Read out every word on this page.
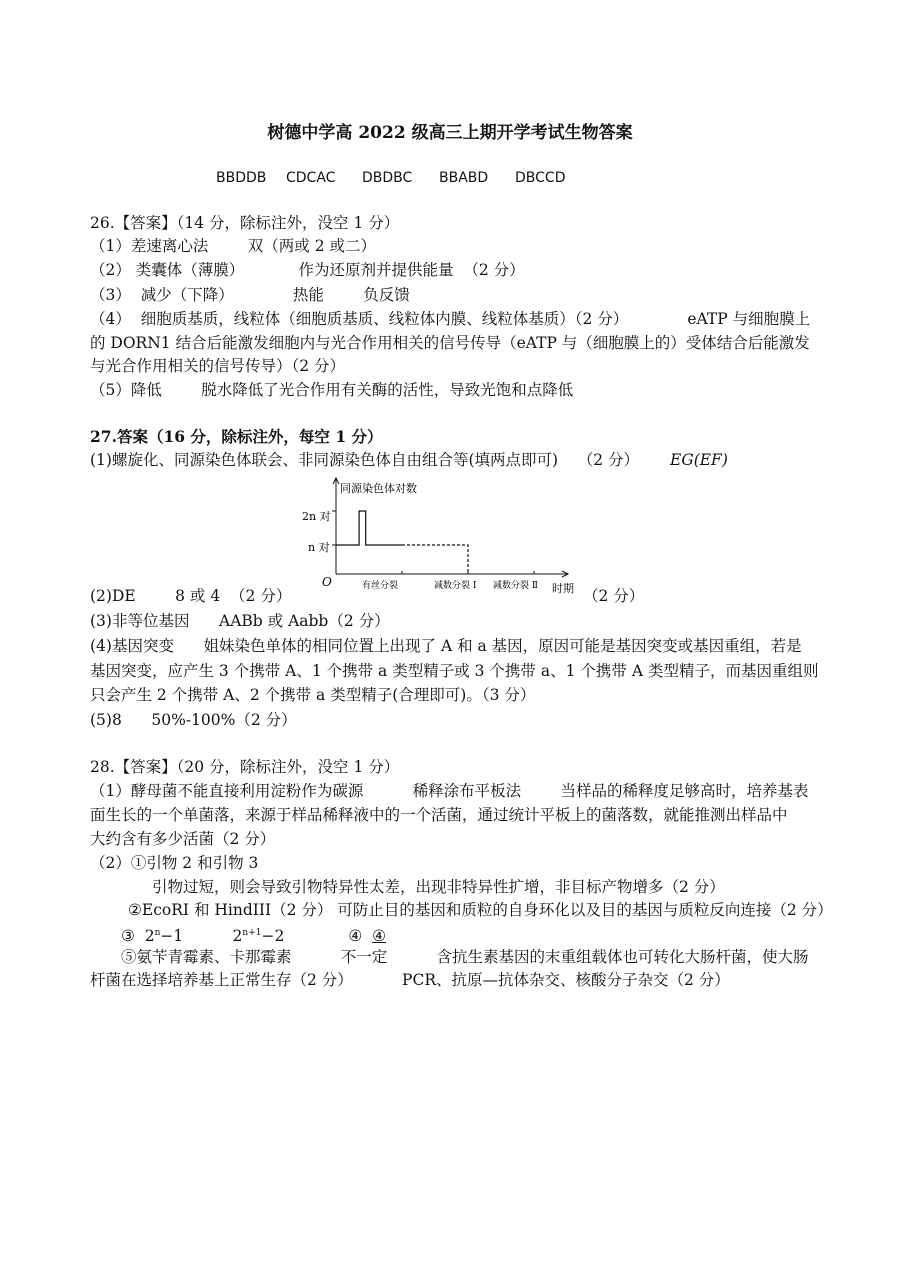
树德中学高 2022 级高三上期开学考试生物答案
BBDDB CDCAC DBDBC BBABD DBCCD
26.【答案】（14 分，除标注外，没空 1 分）
（1）差速离心法        双（两或 2 或二）
（2） 类囊体（薄膜）           作为还原剂并提供能量  （2 分）
（3）  减少（下降）            热能        负反馈
（4）  细胞质基质，线粒体（细胞质基质、线粒体内膜、线粒体基质）（2 分）            eATP 与细胞膜上
的 DORN1 结合后能激发细胞内与光合作用相关的信号传导（eATP 与（细胞膜上的）受体结合后能激发
与光合作用相关的信号传导）（2 分）
（5）降低        脱水降低了光合作用有关酶的活性，导致光饱和点降低
27.答案（16 分，除标注外，每空 1 分）
(1)螺旋化、同源染色体联会、非同源染色体自由组合等(填两点即可)    （2 分） EG(EF)
同源染色体对数
2n 对
n 对
O	有丝分裂	减数分裂 Ⅰ 减数分裂 Ⅱ 时期
(2)DE        8 或 4  （2 分）	（2 分）
(3)非等位基因      AABb 或 Aabb（2 分）
(4)基因突变      姐妹染色单体的相同位置上出现了 A 和 a 基因，原因可能是基因突变或基因重组，若是
基因突变，应产生 3 个携带 A、1 个携带 a 类型精子或 3 个携带 a、1 个携带 A 类型精子，而基因重组则
只会产生 2 个携带 A、2 个携带 a 类型精子(合理即可)。（3 分）
(5)8      50%-100%（2 分）
28.【答案】（20 分，除标注外，没空 1 分）
（1）酵母菌不能直接利用淀粉作为碳源          稀释涂布平板法        当样品的稀释度足够高时，培养基表
面生长的一个单菌落，来源于样品稀释液中的一个活菌，通过统计平板上的菌落数，就能推测出样品中
大约含有多少活菌（2 分）
（2）①引物 2 和引物 3
引物过短，则会导致引物特异性太差，出现非特异性扩增，非目标产物增多（2 分）
②EcoRI 和 HindIII（2 分） 可防止目的基因和质粒的自身环化以及目的基因与质粒反向连接（2 分）
③  $2^n-1$          $2^{n+1}-2$             ④  ④
⑤氨苄青霉素、卡那霉素          不一定          含抗生素基因的末重组载体也可转化大肠杆菌，使大肠
杆菌在选择培养基上正常生存（2 分）          PCR、抗原—抗体杂交、核酸分子杂交（2 分）
